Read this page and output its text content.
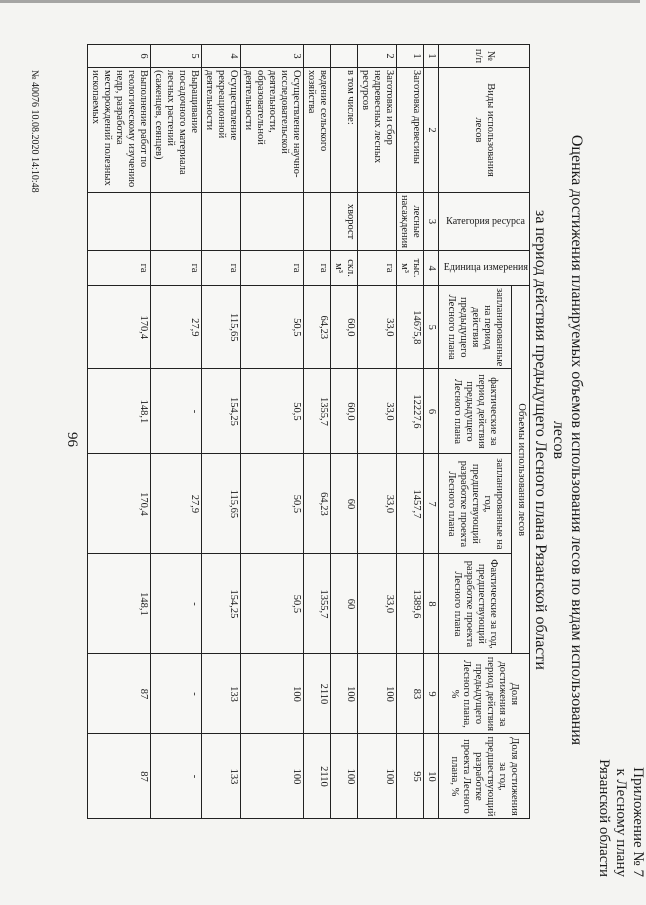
Приложение № 7
к Лесному плану
Рязанской области
Оценка достижения планируемых объемов использования лесов по видам использования лесов
за период действия предыдущего Лесного плана Рязанской области
№ п/п	Виды использования лесов	Категория ресурса	Единица измерения	Объемы использования лесов				Доля достижения за период действия предыдущего Лесного плана, %	Доля достижения за год, предшествующий разработке проекта Лесного плана, %
				запланированные на период действия предыдущего Лесного плана	фактические за период действия предыдущего Лесного плана	запланированные на год, предшествующий разработке проекта Лесного плана	Фактические за год, предшествующий разработке проекта Лесного плана		
1	2	3	4	5	6	7	8	9	10
1	Заготовка древесины	лесные насаждения	тыс. м³	14675,8	12227,6	1457,7	1389,6	83	95
2	Заготовка и сбор недревесных лесных ресурсов		га	33,0	33,0	33,0	33,0	100	100
	в том числе:	хворост	скл. м³	60,0	60,0	60	60	100	100
	ведение сельского хозяйства		га	64,23	1355,7	64,23	1355,7	2110	2110
3	Осуществление научно-исследовательской деятельности, образовательной деятельности		га	50,5	50,5	50,5	50,5	100	100
4	Осуществление рекреационной деятельности		га	115,65	154,25	115,65	154,25	133	133
5	Выращивание посадочного материала лесных растений (саженцев, сеянцев)		га	27,9	-	27,9	-	-	-
6	Выполнение работ по геологическому изучению недр, разработка месторождений полезных ископаемых		га	170,4	148,1	170,4	148,1	87	87
№ 40076 10.08.2020 14:10:48
96
